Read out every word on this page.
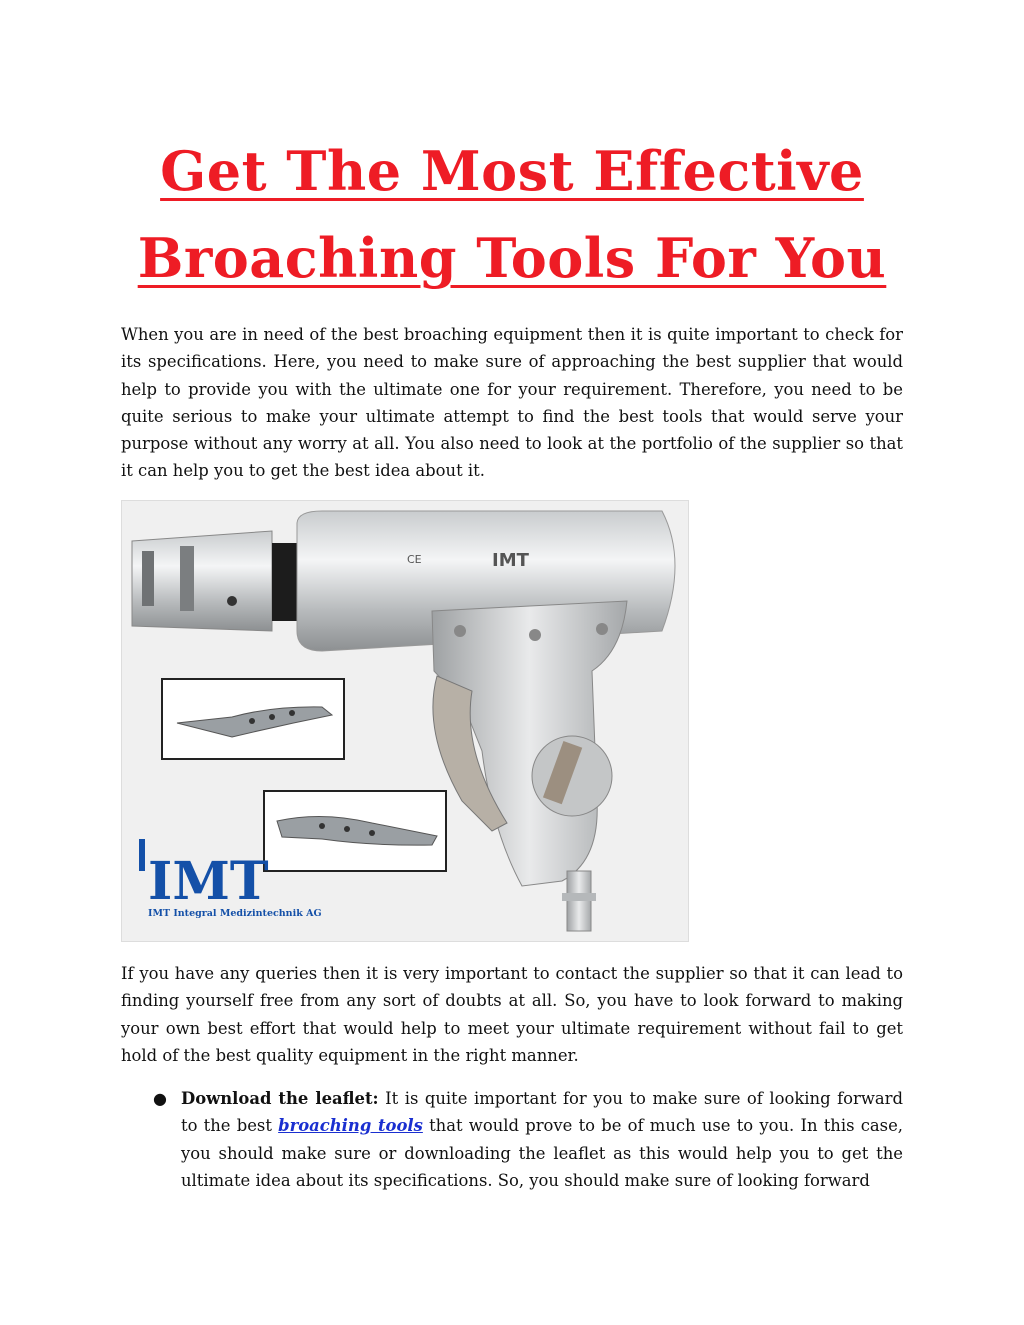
Get The Most Effective Broaching Tools For You

When you are in need of the best broaching equipment then it is quite important to check for its specifications. Here, you need to make sure of approaching the best supplier that would help to provide you with the ultimate one for your requirement. Therefore, you need to be quite serious to make your ultimate attempt to find the best tools that would serve your purpose without any worry at all. You also need to look at the portfolio of the supplier so that it can help you to get the best idea about it.

CE	IMT
IMT
IMT Integral Medizintechnik AG

If you have any queries then it is very important to contact the supplier so that it can lead to finding yourself free from any sort of doubts at all. So, you have to look forward to making your own best effort that would help to meet your ultimate requirement without fail to get hold of the best quality equipment in the right manner.

● Download the leaflet: It is quite important for you to make sure of looking forward to the best broaching tools that would prove to be of much use to you. In this case, you should make sure or downloading the leaflet as this would help you to get the ultimate idea about its specifications. So, you should make sure of looking forward
